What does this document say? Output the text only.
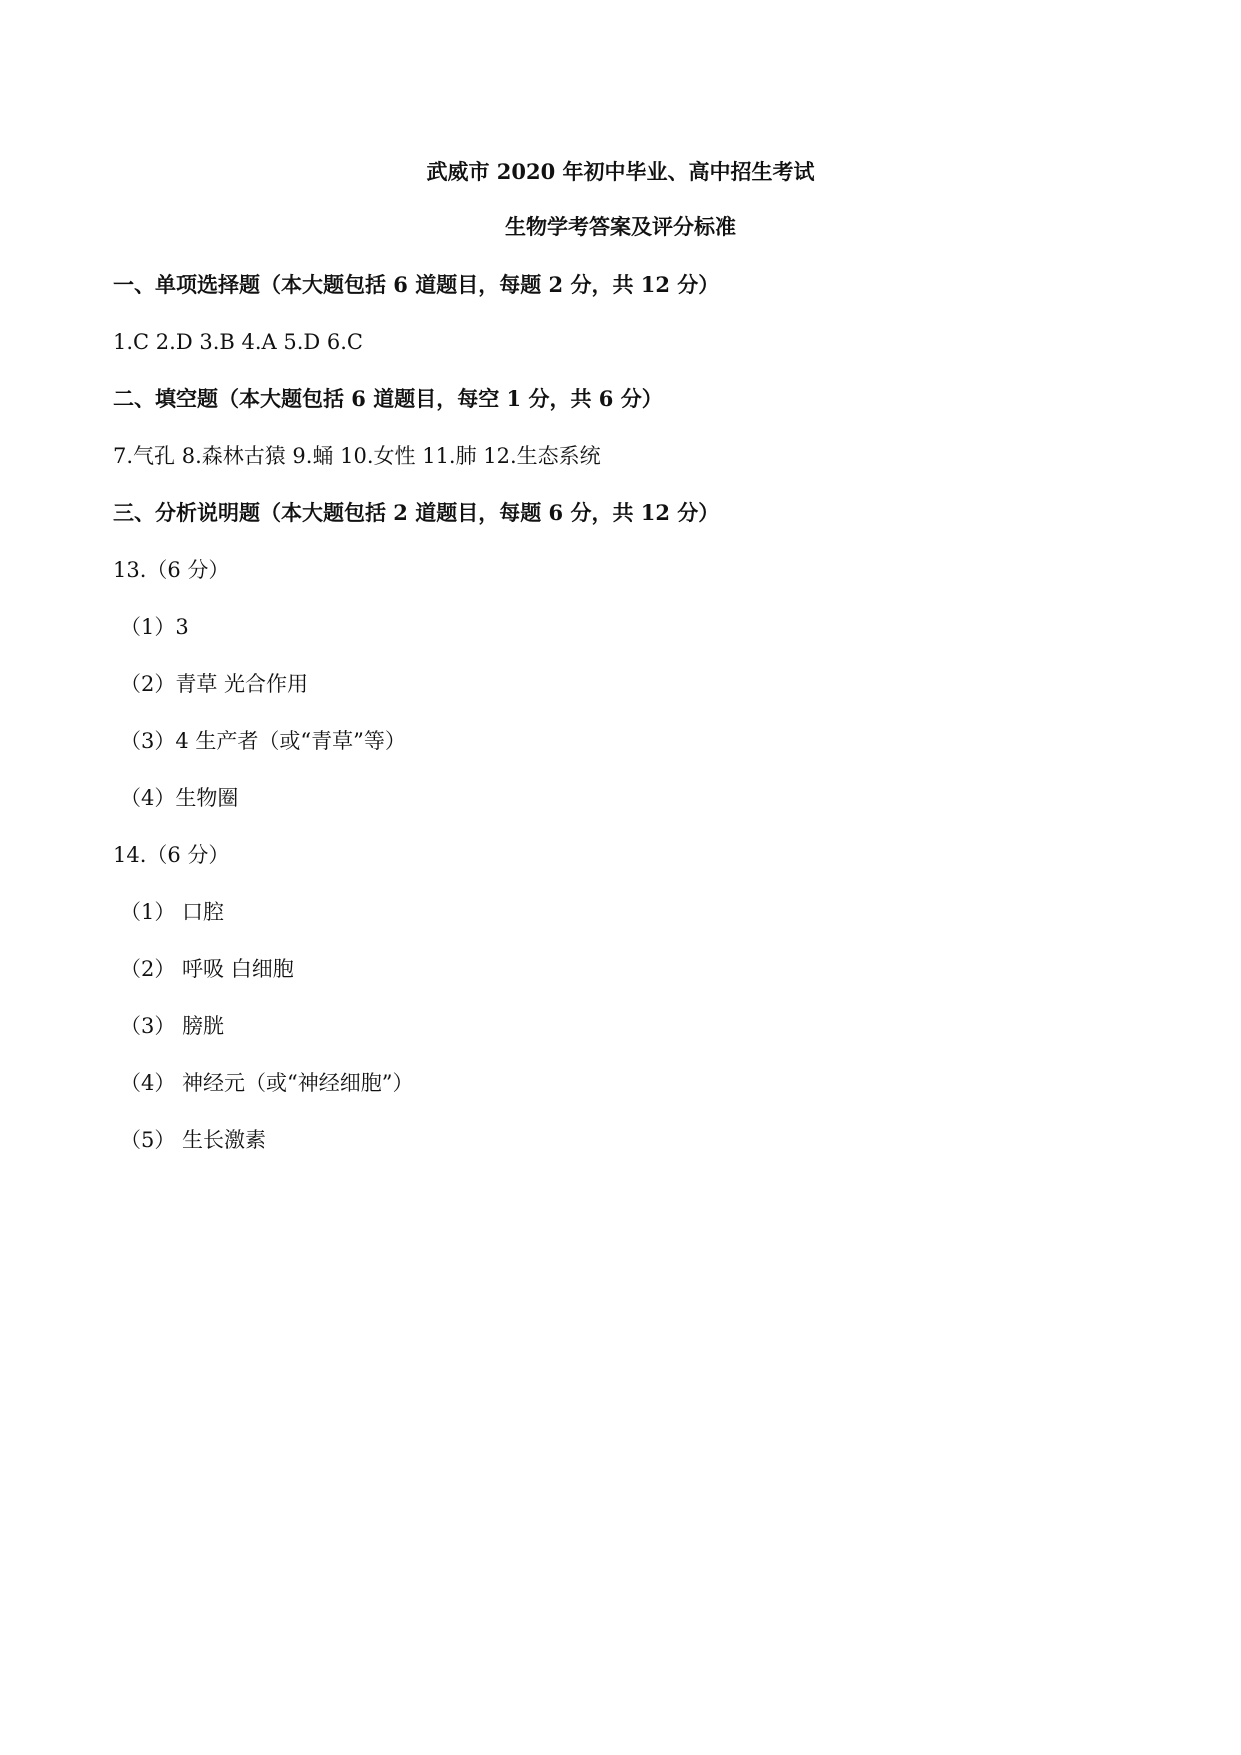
武威市 2020 年初中毕业、高中招生考试
生物学考答案及评分标准
一、单项选择题（本大题包括 6 道题目，每题 2 分，共 12 分）
1.C 2.D 3.B 4.A 5.D 6.C
二、填空题（本大题包括 6 道题目，每空 1 分，共 6 分）
7.气孔 8.森林古猿 9.蛹 10.女性 11.肺 12.生态系统
三、分析说明题（本大题包括 2 道题目，每题 6 分，共 12 分）
13.（6 分）
（1）3
（2）青草 光合作用
（3）4 生产者（或“青草”等）
（4）生物圈
14.（6 分）
（1） 口腔
（2） 呼吸 白细胞
（3） 膀胱
（4） 神经元（或“神经细胞”）
（5） 生长激素
